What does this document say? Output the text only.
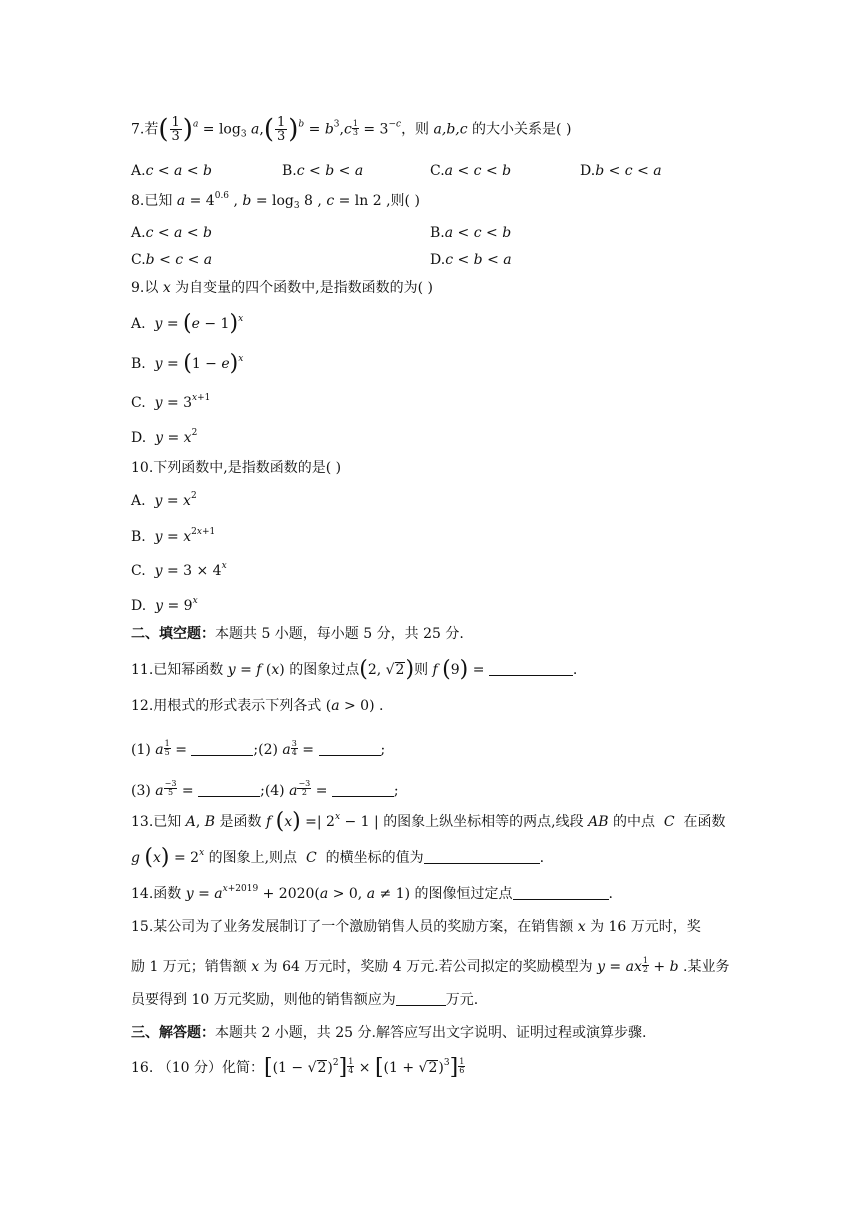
7.若( $\frac{1}{3} )^a = \log_3 a,( \frac{1}{3} )^b = b^3,c \frac{1}{3} = 3^{-c}$，则 a,b,c 的大小关系是( )
A.c < a < b	B.c < b < a	C.a < c < b	D.b < c < a
8.已知 $a = 4^{0.6}$ , $b = \log_3 8$ , c = ln 2 ,则( )
A.c < a < b	B.a < c < b
C.b < c < a	D.c < b < a
9.以 x 为自变量的四个函数中,是指数函数的为( )
A. $y = (e - 1)^x$
B. $y = (1 - e)^x$
C. $y = 3^{x+1}$
D. $y = x^2$
10.下列函数中,是指数函数的是( )
A. $y = x^2$
B. $y = x^{2x+1}$
C. $y = 3 \times 4^x$
D. $y = 9^x$
二、填空题：本题共 5 小题，每小题 5 分，共 25 分.
11.已知幂函数 y = f (x) 的图象过点(2, √2)则 f (9) =	.
12.用根式的形式表示下列各式 (a > 0) .
(1) a $\frac{1}{5}$ =	;(2) a $\frac{3}{4}$ =	;
(3) a $\frac{-3}{5}$ =	;(4) a $\frac{-3}{2}$ =	;
13.已知 A, B 是函数 f (x) =| $2^x - 1$ | 的图象上纵坐标相等的两点,线段 AB 的中点 C 在函数
g $(x) = 2^x$ 的图象上,则点 C 的横坐标的值为	.
14.函数 $y = a^{x+2019} + 2020(a > 0$, a ≠ 1) 的图像恒过定点	.
15.某公司为了业务发展制订了一个激励销售人员的奖励方案，在销售额 x 为 16 万元时，奖
励 1 万元；销售额 x 为 64 万元时，奖励 4 万元.若公司拟定的奖励模型为 y = ax $\frac{1}{2} + b$ .某业务
员要得到 10 万元奖励，则他的销售额应为	万元.
三、解答题：本题共 2 小题，共 25 分.解答应写出文字说明、证明过程或演算步骤.
16. （10 分）化简：$[(1 - √2)^2] \frac{1}{4} \times [(1 + √2)^3] \frac{1}{6}$
